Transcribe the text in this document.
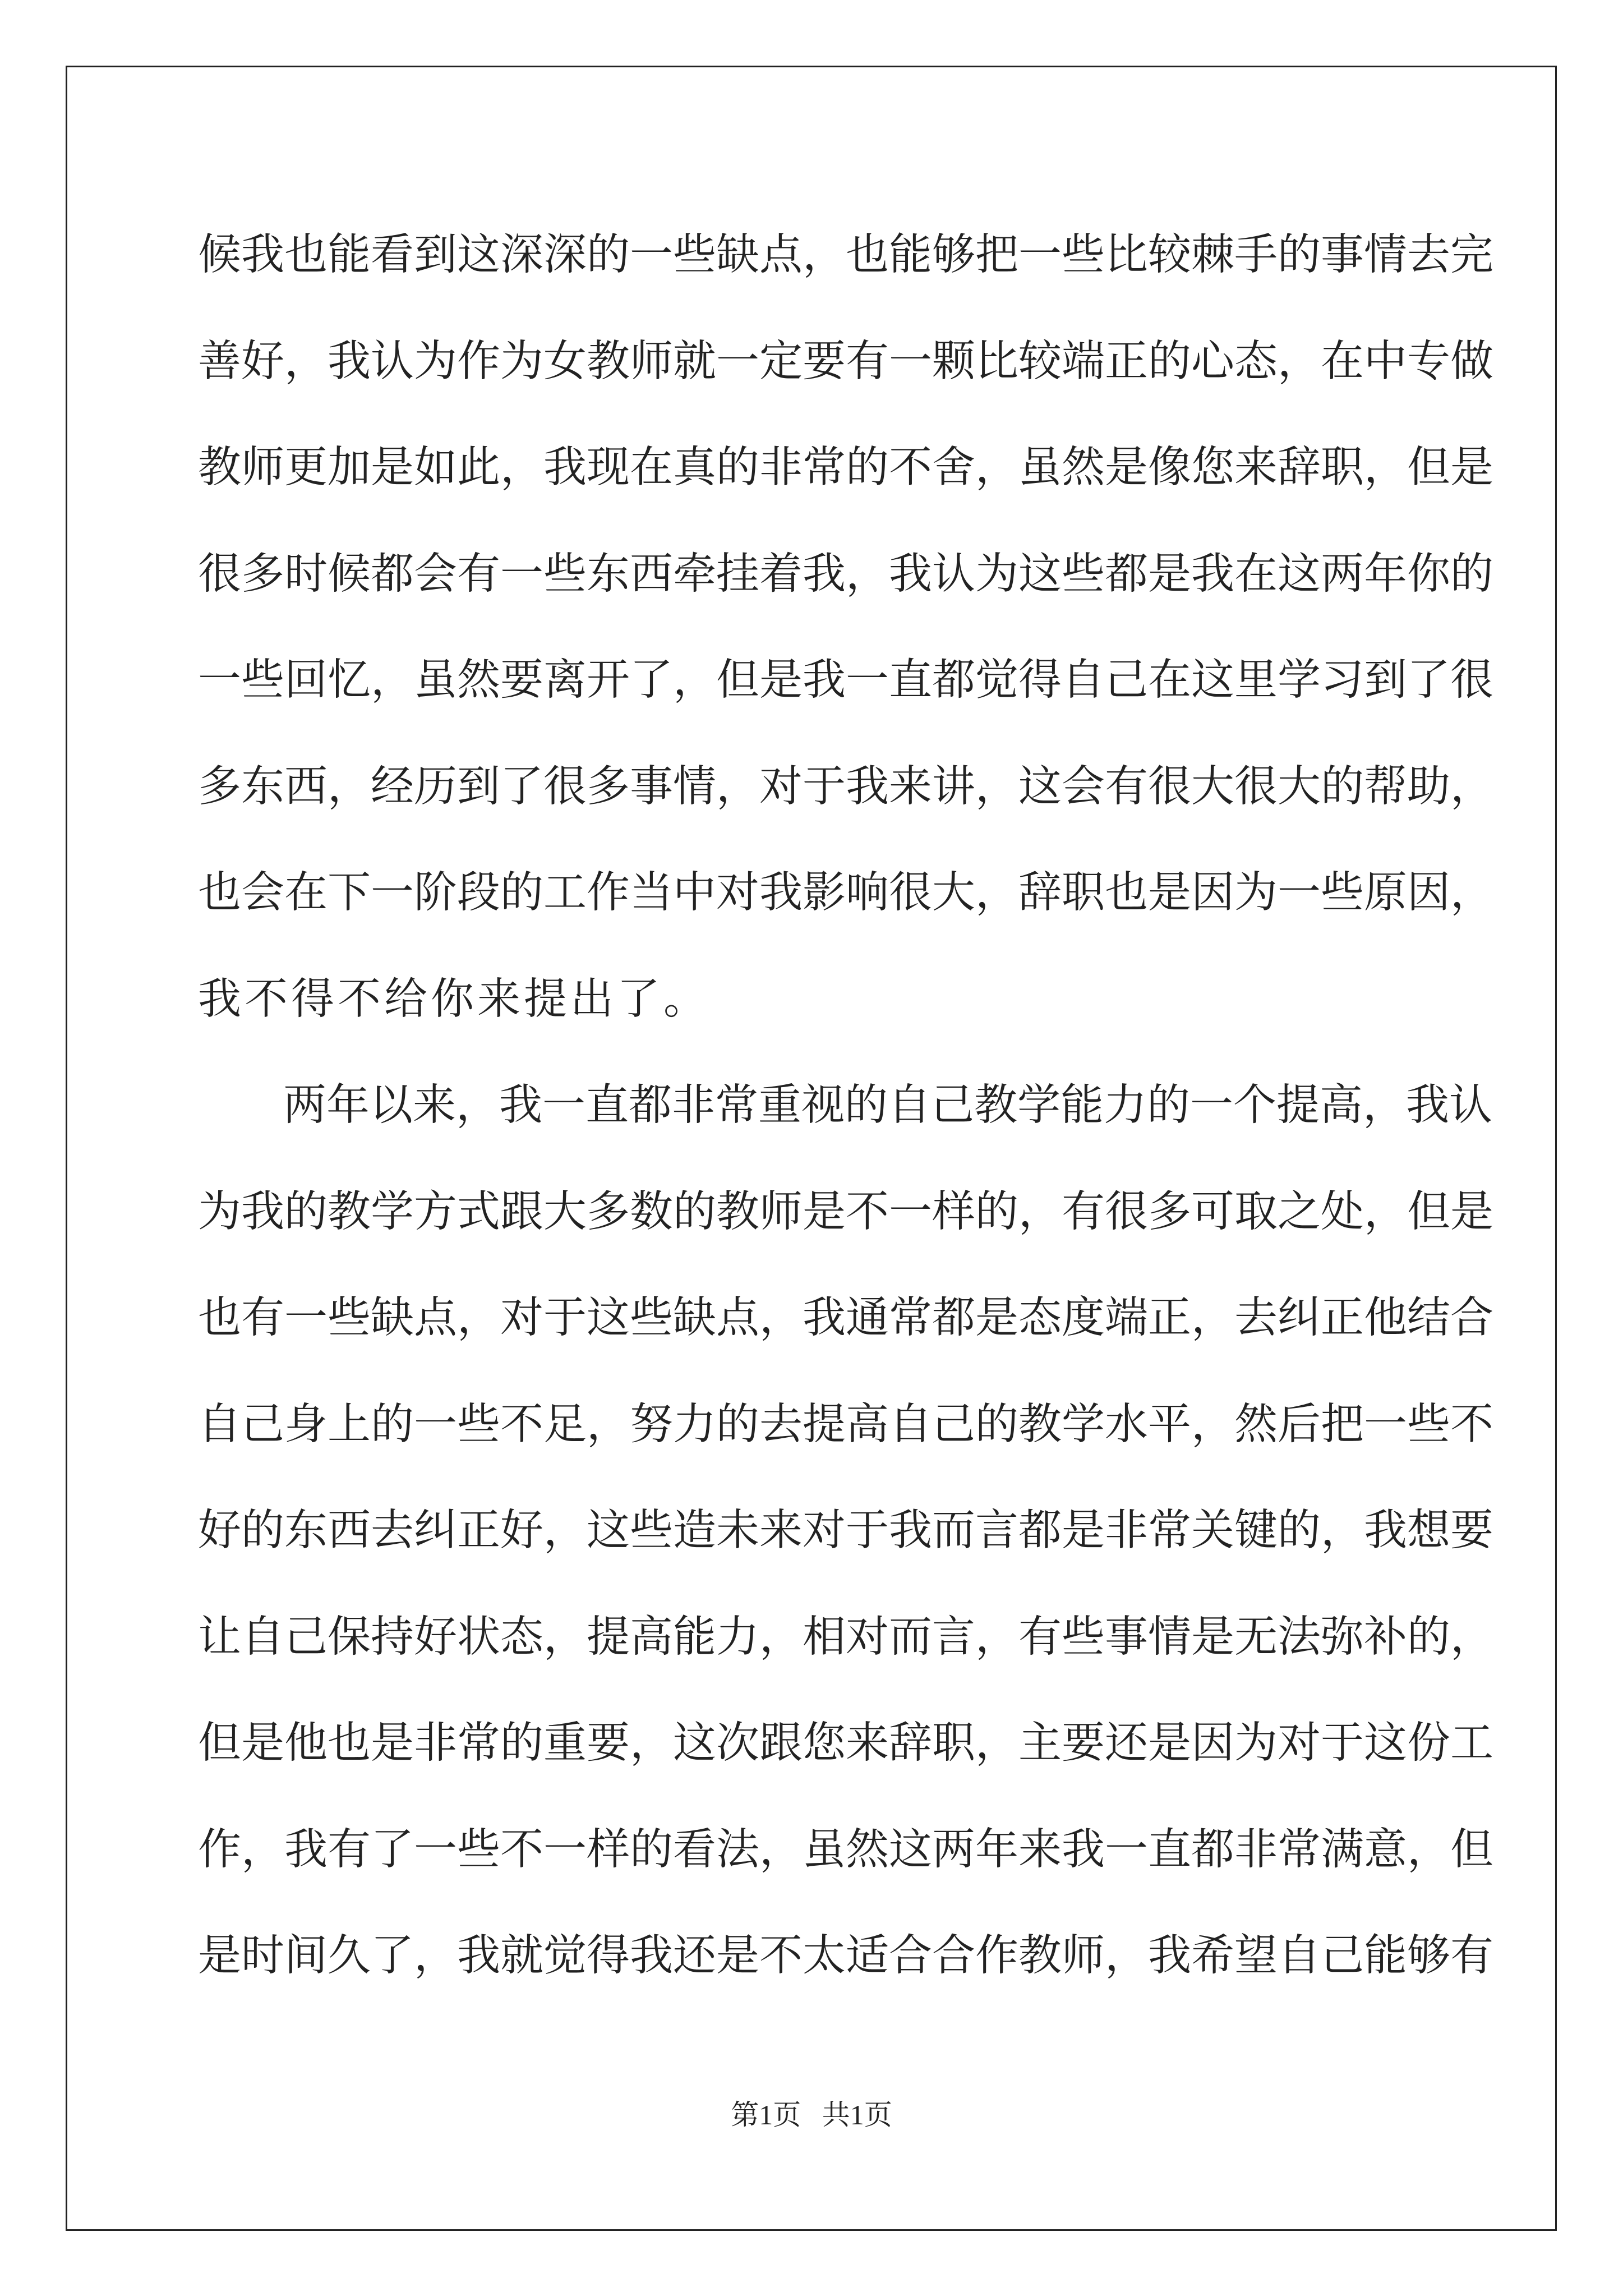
候我也能看到这深深的一些缺点，也能够把一些比较棘手的事情去完
善好，我认为作为女教师就一定要有一颗比较端正的心态，在中专做
教师更加是如此，我现在真的非常的不舍，虽然是像您来辞职，但是
很多时候都会有一些东西牵挂着我，我认为这些都是我在这两年你的
一些回忆，虽然要离开了，但是我一直都觉得自己在这里学习到了很
多东西，经历到了很多事情，对于我来讲，这会有很大很大的帮助，
也会在下一阶段的工作当中对我影响很大，辞职也是因为一些原因，
我不得不给你来提出了。
两年以来，我一直都非常重视的自己教学能力的一个提高，我认
为我的教学方式跟大多数的教师是不一样的，有很多可取之处，但是
也有一些缺点，对于这些缺点，我通常都是态度端正，去纠正他结合
自己身上的一些不足，努力的去提高自己的教学水平，然后把一些不
好的东西去纠正好，这些造未来对于我而言都是非常关键的，我想要
让自己保持好状态，提高能力，相对而言，有些事情是无法弥补的，
但是他也是非常的重要，这次跟您来辞职，主要还是因为对于这份工
作，我有了一些不一样的看法，虽然这两年来我一直都非常满意，但
是时间久了，我就觉得我还是不太适合合作教师，我希望自己能够有
第1页 共1页
